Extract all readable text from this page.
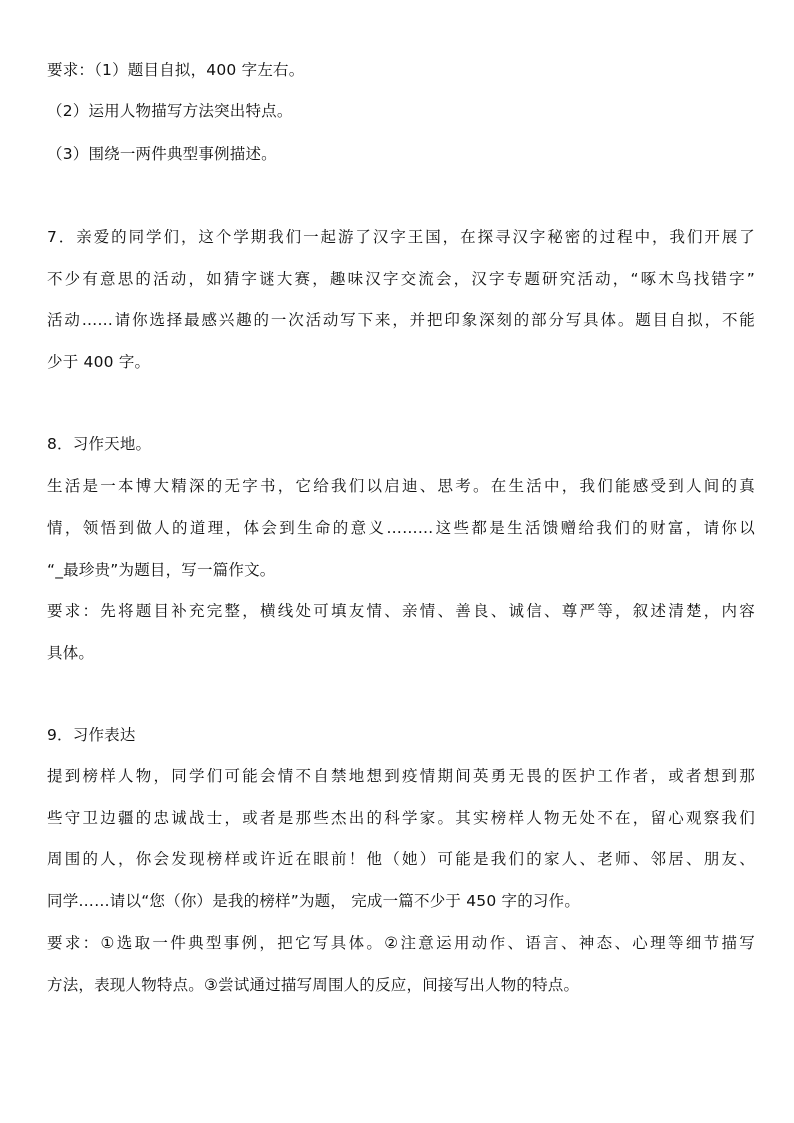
要求：（1）题目自拟，400 字左右。
（2）运用人物描写方法突出特点。
（3）围绕一两件典型事例描述。
7．亲爱的同学们，这个学期我们一起游了汉字王国，在探寻汉字秘密的过程中，我们开展了
不少有意思的活动，如猜字谜大赛，趣味汉字交流会，汉字专题研究活动，“啄木鸟找错字”
活动……请你选择最感兴趣的一次活动写下来，并把印象深刻的部分写具体。题目自拟，不能
少于 400 字。
8．习作天地。
生活是一本博大精深的无字书，它给我们以启迪、思考。在生活中，我们能感受到人间的真
情，领悟到做人的道理，体会到生命的意义………这些都是生活馈赠给我们的财富，请你以
“_最珍贵”为题目，写一篇作文。
要求：先将题目补充完整，横线处可填友情、亲情、善良、诚信、尊严等，叙述清楚，内容
具体。
9．习作表达
提到榜样人物，同学们可能会情不自禁地想到疫情期间英勇无畏的医护工作者，或者想到那
些守卫边疆的忠诚战士，或者是那些杰出的科学家。其实榜样人物无处不在，留心观察我们
周围的人，你会发现榜样或许近在眼前！他（她）可能是我们的家人、老师、邻居、朋友、
同学……请以“您（你）是我的榜样”为题， 完成一篇不少于 450 字的习作。
要求：①选取一件典型事例，把它写具体。②注意运用动作、语言、神态、心理等细节描写
方法，表现人物特点。③尝试通过描写周围人的反应，间接写出人物的特点。
